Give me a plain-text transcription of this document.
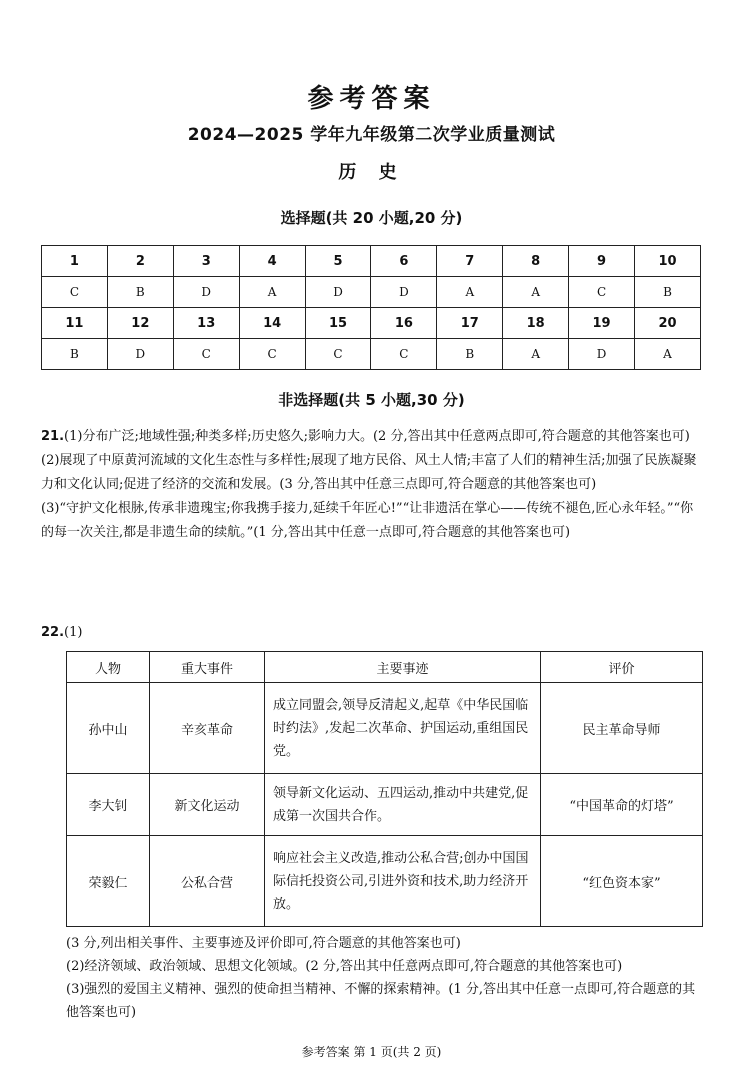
参考答案
2024—2025 学年九年级第二次学业质量测试
历 史
选择题(共 20 小题,20 分)
1	2	3	4	5	6	7	8	9	10
C	B	D	A	D	D	A	A	C	B
11	12	13	14	15	16	17	18	19	20
B	D	C	C	C	C	B	A	D	A
非选择题(共 5 小题,30 分)

21.(1)分布广泛;地域性强;种类多样;历史悠久;影响力大。(2 分,答出其中任意两点即可,符合题意的其他答案也可)

(2)展现了中原黄河流域的文化生态性与多样性;展现了地方民俗、风土人情;丰富了人们的精神生活;加强了民族凝聚力和文化认同;促进了经济的交流和发展。(3 分,答出其中任意三点即可,符合题意的其他答案也可)

(3)“守护文化根脉,传承非遗瑰宝;你我携手接力,延续千年匠心!”“让非遗活在掌心——传统不褪色,匠心永年轻。”“你的每一次关注,都是非遗生命的续航。”(1 分,答出其中任意一点即可,符合题意的其他答案也可)

22.(1)

人物	重大事件	主要事迹	评价
孙中山	辛亥革命	成立同盟会,领导反清起义,起草《中华民国临时约法》,发起二次革命、护国运动,重组国民党。	民主革命导师
李大钊	新文化运动	领导新文化运动、五四运动,推动中共建党,促成第一次国共合作。	“中国革命的灯塔”
荣毅仁	公私合营	响应社会主义改造,推动公私合营;创办中国国际信托投资公司,引进外资和技术,助力经济开放。	“红色资本家”

(3 分,列出相关事件、主要事迹及评价即可,符合题意的其他答案也可)

(2)经济领域、政治领域、思想文化领域。(2 分,答出其中任意两点即可,符合题意的其他答案也可)

(3)强烈的爱国主义精神、强烈的使命担当精神、不懈的探索精神。(1 分,答出其中任意一点即可,符合题意的其他答案也可)

参考答案 第 1 页(共 2 页)
